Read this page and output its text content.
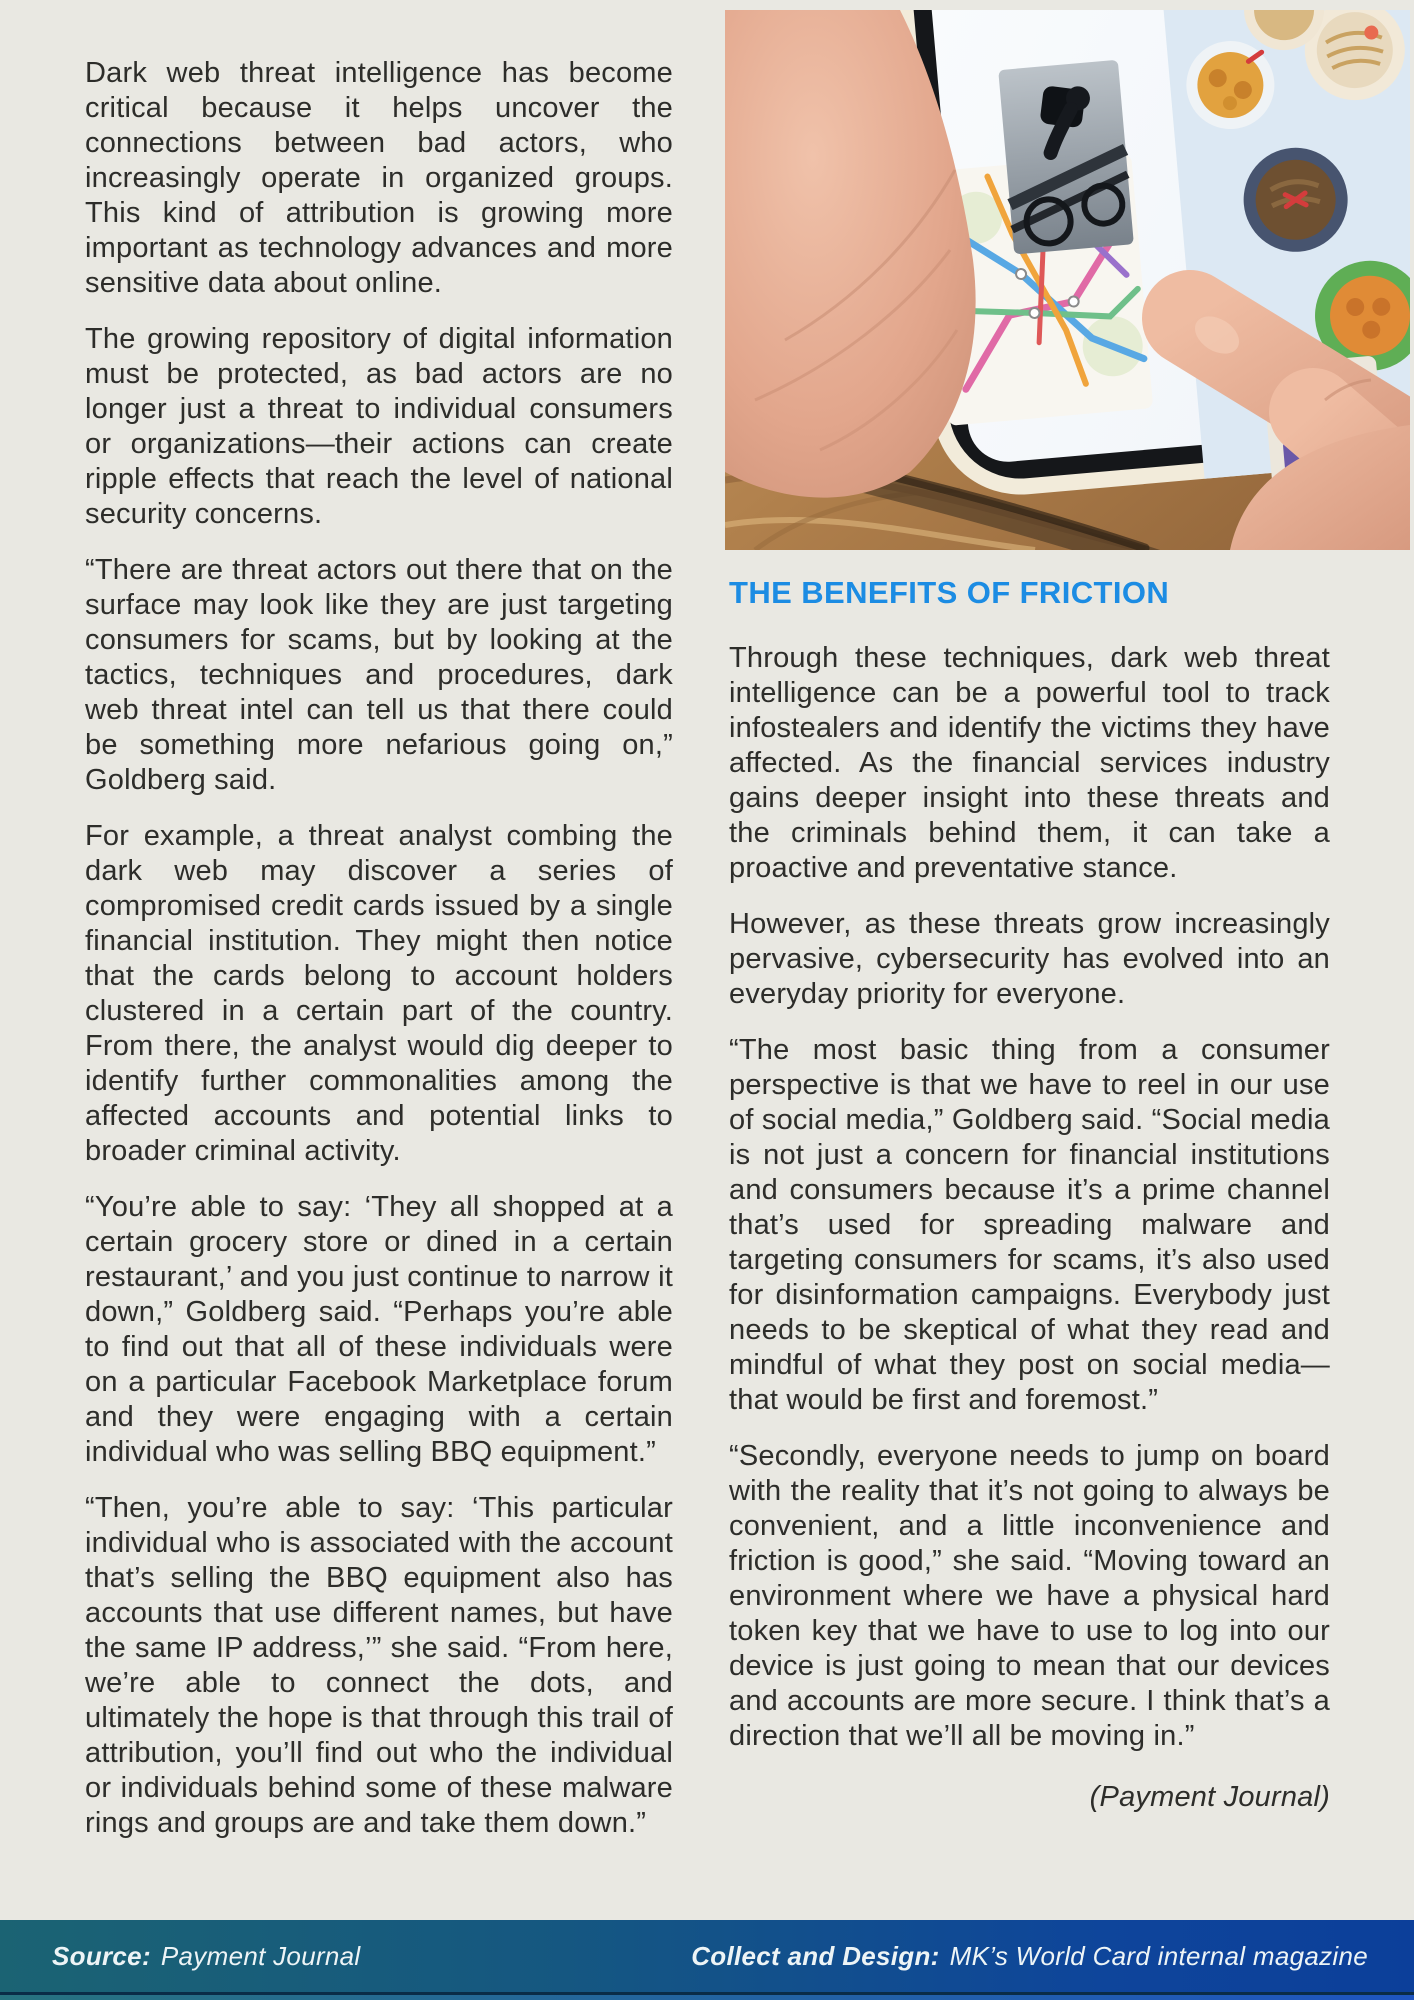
Dark web threat intelligence has become critical because it helps uncover the connections between bad actors, who increasingly operate in organized groups. This kind of attribution is growing more important as technology advances and more sensitive data about online.

The growing repository of digital information must be protected, as bad actors are no longer just a threat to individual consumers or organizations—their actions can create ripple effects that reach the level of national security concerns.

“There are threat actors out there that on the surface may look like they are just targeting consumers for scams, but by looking at the tactics, techniques and procedures, dark web threat intel can tell us that there could be something more nefarious going on,” Goldberg said.

For example, a threat analyst combing the dark web may discover a series of compromised credit cards issued by a single financial institution. They might then notice that the cards belong to account holders clustered in a certain part of the country. From there, the analyst would dig deeper to identify further commonalities among the affected accounts and potential links to broader criminal activity.

“You’re able to say: ‘They all shopped at a certain grocery store or dined in a certain restaurant,’ and you just continue to narrow it down,” Goldberg said. “Perhaps you’re able to find out that all of these individuals were on a particular Facebook Marketplace forum and they were engaging with a certain individual who was selling BBQ equipment.”

“Then, you’re able to say: ‘This particular individual who is associated with the account that’s selling the BBQ equipment also has accounts that use different names, but have the same IP address,’” she said. “From here, we’re able to connect the dots, and ultimately the hope is that through this trail of attribution, you’ll find out who the individual or individuals behind some of these malware rings and groups are and take them down.”

THE BENEFITS OF FRICTION

Through these techniques, dark web threat intelligence can be a powerful tool to track infostealers and identify the victims they have affected. As the financial services industry gains deeper insight into these threats and the criminals behind them, it can take a proactive and preventative stance.

However, as these threats grow increasingly pervasive, cybersecurity has evolved into an everyday priority for everyone.

“The most basic thing from a consumer perspective is that we have to reel in our use of social media,” Goldberg said. “Social media is not just a concern for financial institutions and consumers because it’s a prime channel that’s used for spreading malware and targeting consumers for scams, it’s also used for disinformation campaigns. Everybody just needs to be skeptical of what they read and mindful of what they post on social media—that would be first and foremost.”

“Secondly, everyone needs to jump on board with the reality that it’s not going to always be convenient, and a little inconvenience and friction is good,” she said. “Moving toward an environment where we have a physical hard token key that we have to use to log into our device is just going to mean that our devices and accounts are more secure. I think that’s a direction that we’ll all be moving in.”

(Payment Journal)
Source: Payment Journal	Collect and Design: MK’s World Card internal magazine
